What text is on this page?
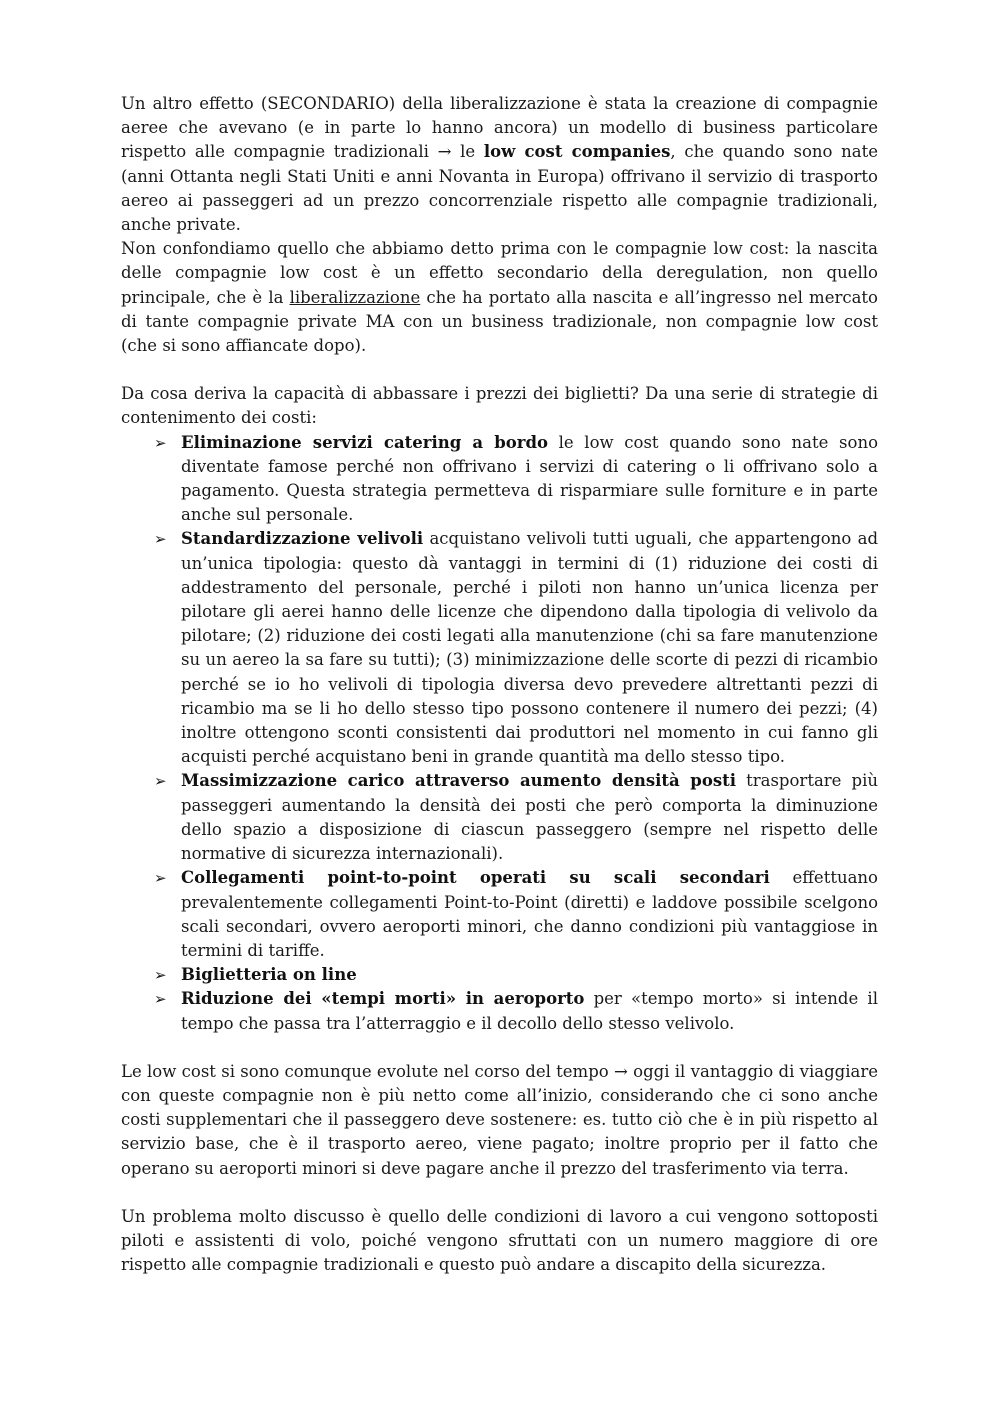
Un altro effetto (SECONDARIO) della liberalizzazione è stata la creazione di compagnie aeree che avevano (e in parte lo hanno ancora) un modello di business particolare rispetto alle compagnie tradizionali → le low cost companies, che quando sono nate (anni Ottanta negli Stati Uniti e anni Novanta in Europa) offrivano il servizio di trasporto aereo ai passeggeri ad un prezzo concorrenziale rispetto alle compagnie tradizionali, anche private.

Non confondiamo quello che abbiamo detto prima con le compagnie low cost: la nascita delle compagnie low cost è un effetto secondario della deregulation, non quello principale, che è la liberalizzazione che ha portato alla nascita e all’ingresso nel mercato di tante compagnie private MA con un business tradizionale, non compagnie low cost (che si sono affiancate dopo).

Da cosa deriva la capacità di abbassare i prezzi dei biglietti? Da una serie di strategie di contenimento dei costi:

➢ Eliminazione servizi catering a bordo le low cost quando sono nate sono diventate famose perché non offrivano i servizi di catering o li offrivano solo a pagamento. Questa strategia permetteva di risparmiare sulle forniture e in parte anche sul personale.
➢ Standardizzazione velivoli acquistano velivoli tutti uguali, che appartengono ad un’unica tipologia: questo dà vantaggi in termini di (1) riduzione dei costi di addestramento del personale, perché i piloti non hanno un’unica licenza per pilotare gli aerei hanno delle licenze che dipendono dalla tipologia di velivolo da pilotare; (2) riduzione dei costi legati alla manutenzione (chi sa fare manutenzione su un aereo la sa fare su tutti); (3) minimizzazione delle scorte di pezzi di ricambio perché se io ho velivoli di tipologia diversa devo prevedere altrettanti pezzi di ricambio ma se li ho dello stesso tipo possono contenere il numero dei pezzi; (4) inoltre ottengono sconti consistenti dai produttori nel momento in cui fanno gli acquisti perché acquistano beni in grande quantità ma dello stesso tipo.
➢ Massimizzazione carico attraverso aumento densità posti trasportare più passeggeri aumentando la densità dei posti che però comporta la diminuzione dello spazio a disposizione di ciascun passeggero (sempre nel rispetto delle normative di sicurezza internazionali).
➢ Collegamenti point-to-point operati su scali secondari effettuano prevalentemente collegamenti Point-to-Point (diretti) e laddove possibile scelgono scali secondari, ovvero aeroporti minori, che danno condizioni più vantaggiose in termini di tariffe.
➢ Biglietteria on line
➢ Riduzione dei «tempi morti» in aeroporto per «tempo morto» si intende il tempo che passa tra l’atterraggio e il decollo dello stesso velivolo.

Le low cost si sono comunque evolute nel corso del tempo → oggi il vantaggio di viaggiare con queste compagnie non è più netto come all’inizio, considerando che ci sono anche costi supplementari che il passeggero deve sostenere: es. tutto ciò che è in più rispetto al servizio base, che è il trasporto aereo, viene pagato; inoltre proprio per il fatto che operano su aeroporti minori si deve pagare anche il prezzo del trasferimento via terra.

Un problema molto discusso è quello delle condizioni di lavoro a cui vengono sottoposti piloti e assistenti di volo, poiché vengono sfruttati con un numero maggiore di ore rispetto alle compagnie tradizionali e questo può andare a discapito della sicurezza.
